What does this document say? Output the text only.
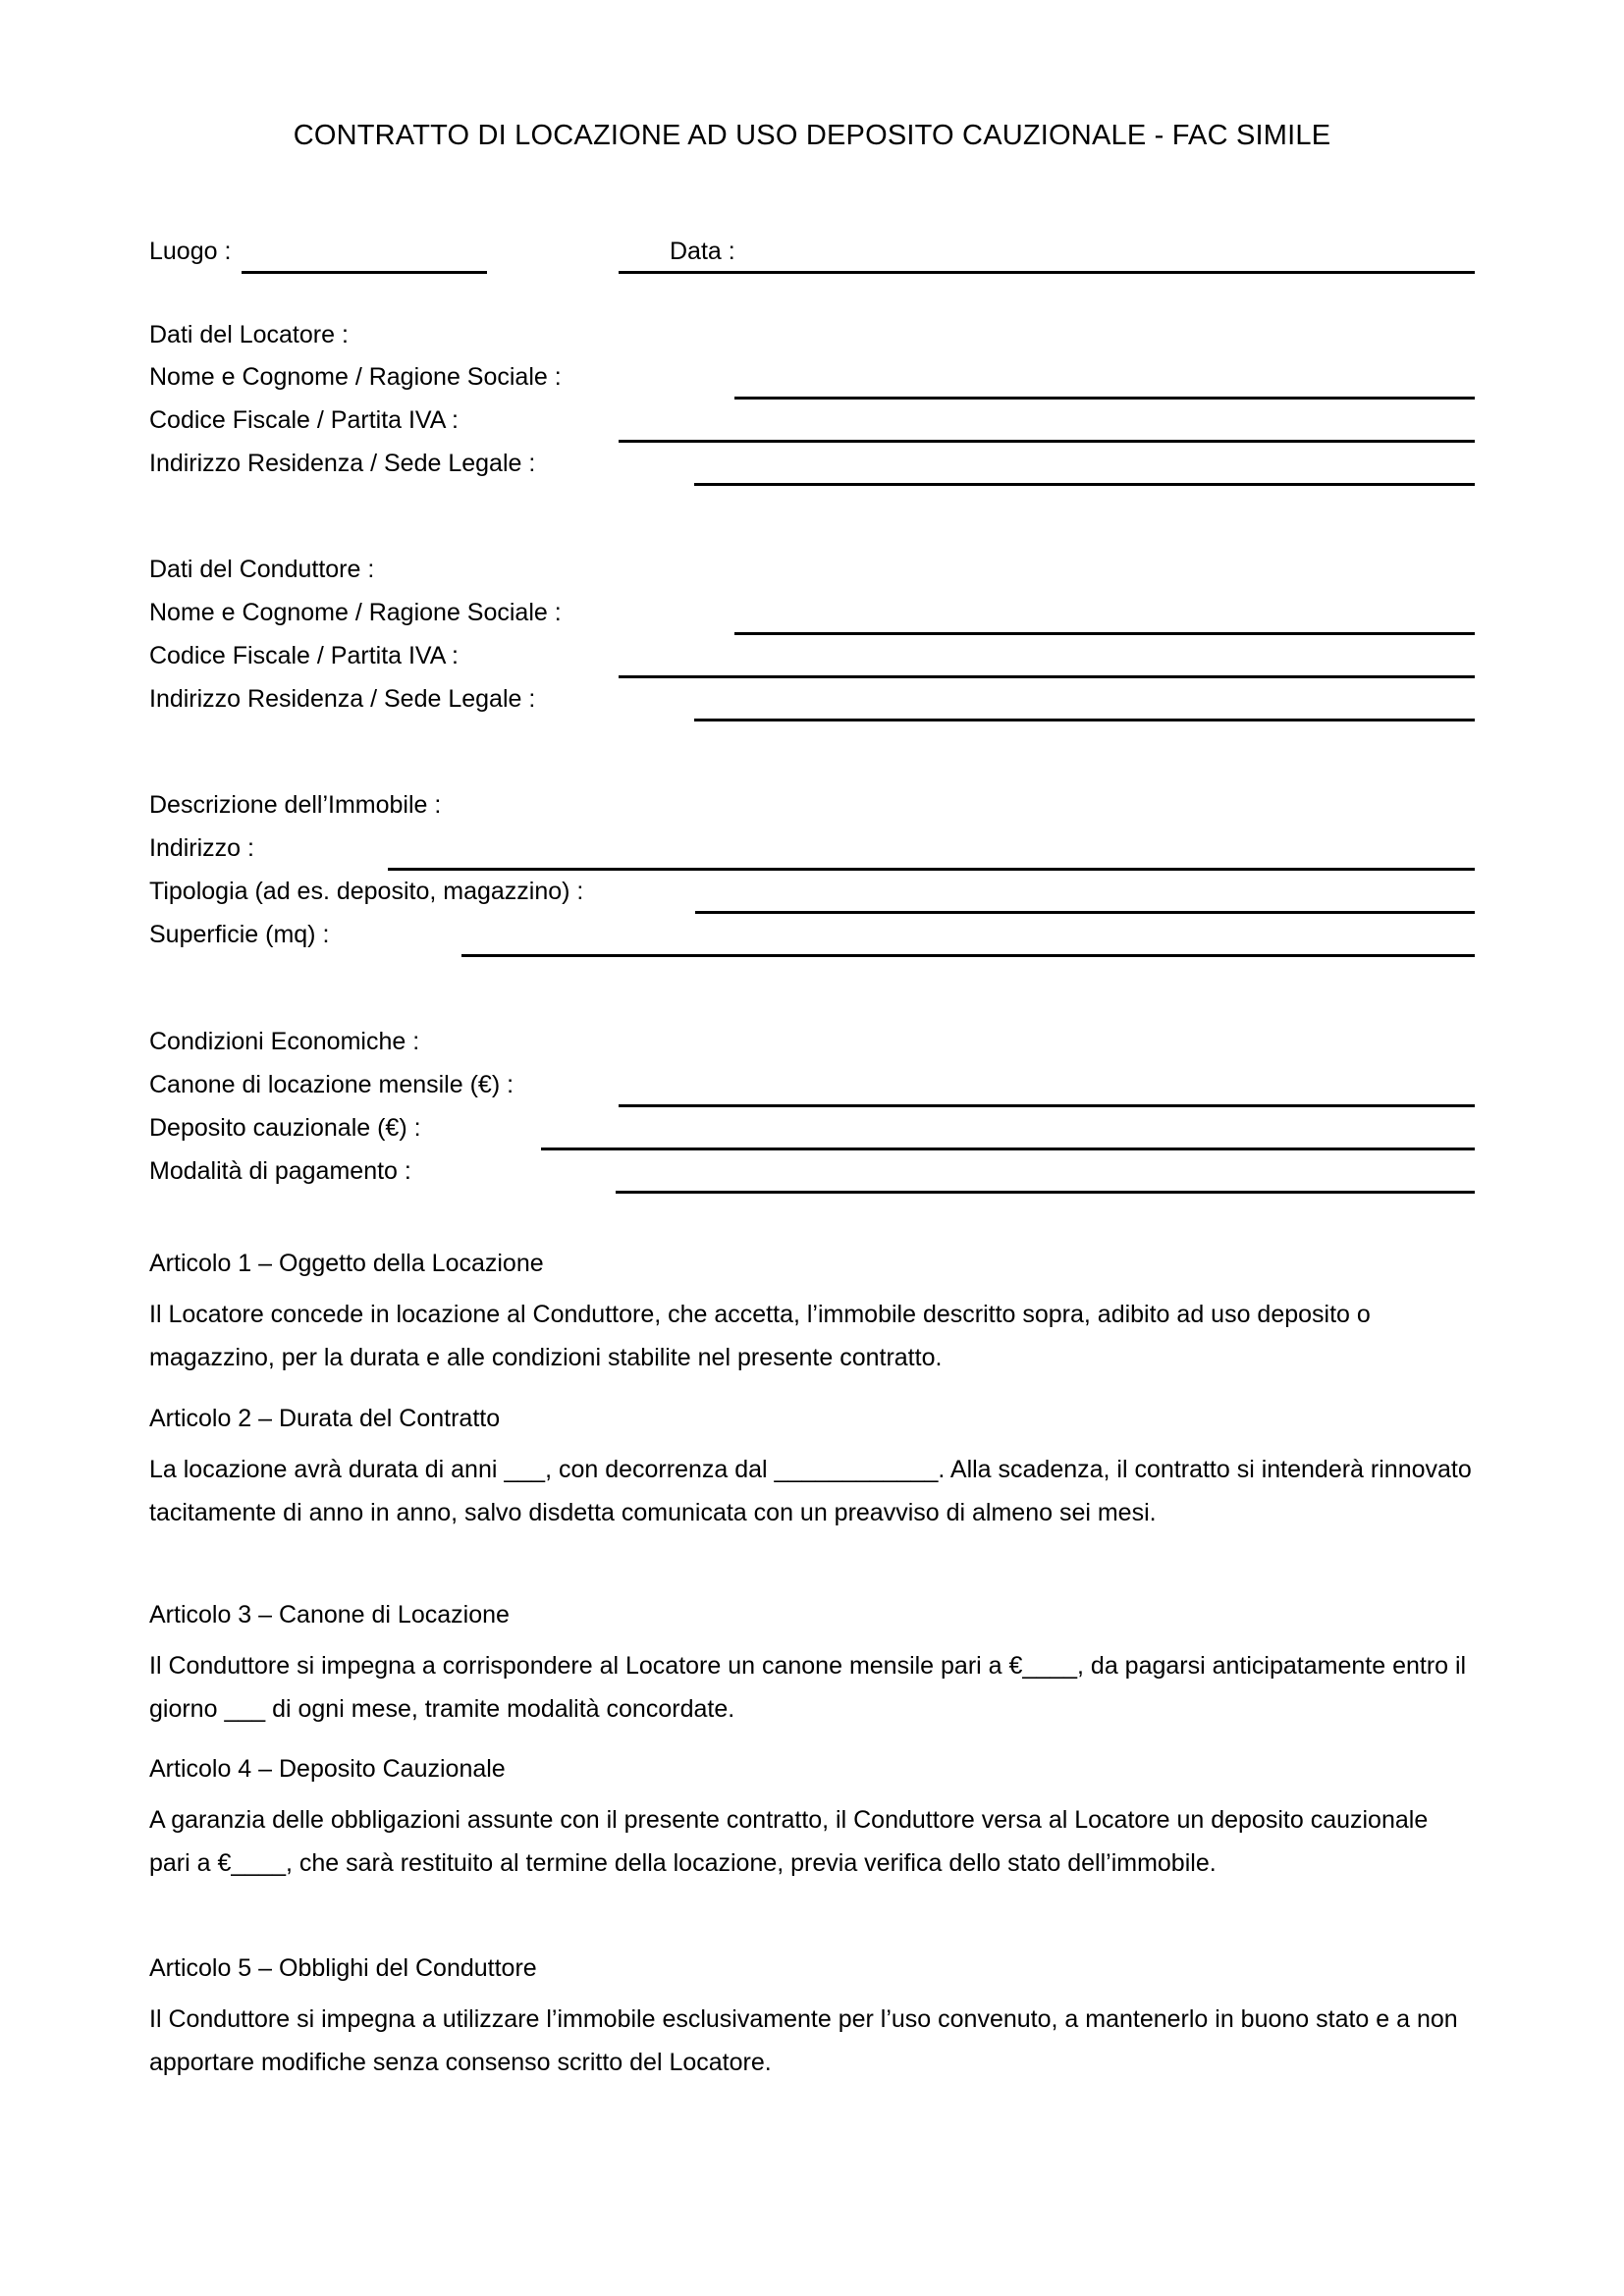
CONTRATTO DI LOCAZIONE AD USO DEPOSITO CAUZIONALE - FAC SIMILE
Luogo :	Data :
Dati del Locatore :
Nome e Cognome / Ragione Sociale :
Codice Fiscale / Partita IVA :
Indirizzo Residenza / Sede Legale :
Dati del Conduttore :
Nome e Cognome / Ragione Sociale :
Codice Fiscale / Partita IVA :
Indirizzo Residenza / Sede Legale :
Descrizione dell’Immobile :
Indirizzo :
Tipologia (ad es. deposito, magazzino) :
Superficie (mq) :
Condizioni Economiche :
Canone di locazione mensile (€) :
Deposito cauzionale (€) :
Modalità di pagamento :
Articolo 1 – Oggetto della Locazione
Il Locatore concede in locazione al Conduttore, che accetta, l’immobile descritto sopra, adibito ad uso deposito o magazzino, per la durata e alle condizioni stabilite nel presente contratto.
Articolo 2 – Durata del Contratto
La locazione avrà durata di anni ___, con decorrenza dal ____________. Alla scadenza, il contratto si intenderà rinnovato tacitamente di anno in anno, salvo disdetta comunicata con un preavviso di almeno sei mesi.
Articolo 3 – Canone di Locazione
Il Conduttore si impegna a corrispondere al Locatore un canone mensile pari a €____, da pagarsi anticipatamente entro il giorno ___ di ogni mese, tramite modalità concordate.
Articolo 4 – Deposito Cauzionale
A garanzia delle obbligazioni assunte con il presente contratto, il Conduttore versa al Locatore un deposito cauzionale pari a €____, che sarà restituito al termine della locazione, previa verifica dello stato dell’immobile.
Articolo 5 – Obblighi del Conduttore
Il Conduttore si impegna a utilizzare l’immobile esclusivamente per l’uso convenuto, a mantenerlo in buono stato e a non apportare modifiche senza consenso scritto del Locatore.
